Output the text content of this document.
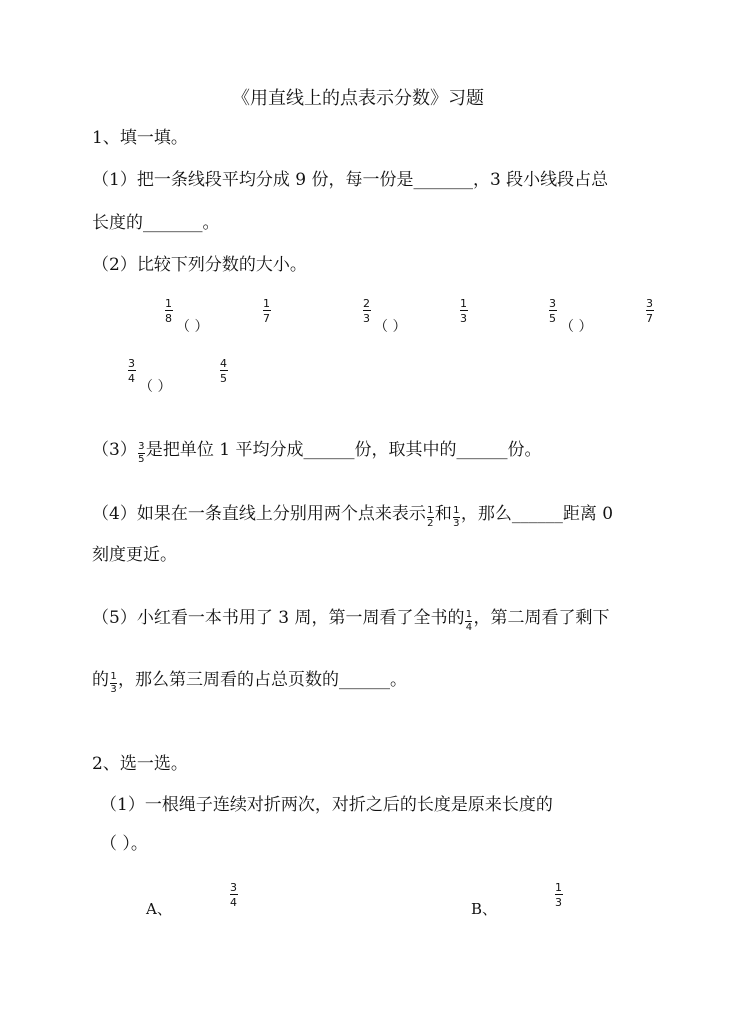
《用直线上的点表示分数》习题
1、填一填。
（1）把一条线段平均分成 9 份，每一份是_______，3 段小线段占总
长度的_______。
（2）比较下列分数的大小。
1
8
（ ）
1
7
2
3
（ ）
1
3
3
5
（ ）
3
7
3
4
（ ）
4
5
$(3) \frac{3}{5}$ 是把单位 1 平均分成______份，取其中的______份。
（4）如果在一条直线上分别用两个点来表示 $\frac{1}{2}$ 和 $\frac{1}{3}$ ，那么______距离 0
刻度更近。
（5）小红看一本书用了 3 周，第一周看了全书的 $\frac{1}{4}$ ，第二周看了剩下
的 $\frac{1}{3}$ ，那么第三周看的占总页数的______。
2、选一选。
（1）一根绳子连续对折两次，对折之后的长度是原来长度的
（ ）。
A、
3
4	B、
1
3
